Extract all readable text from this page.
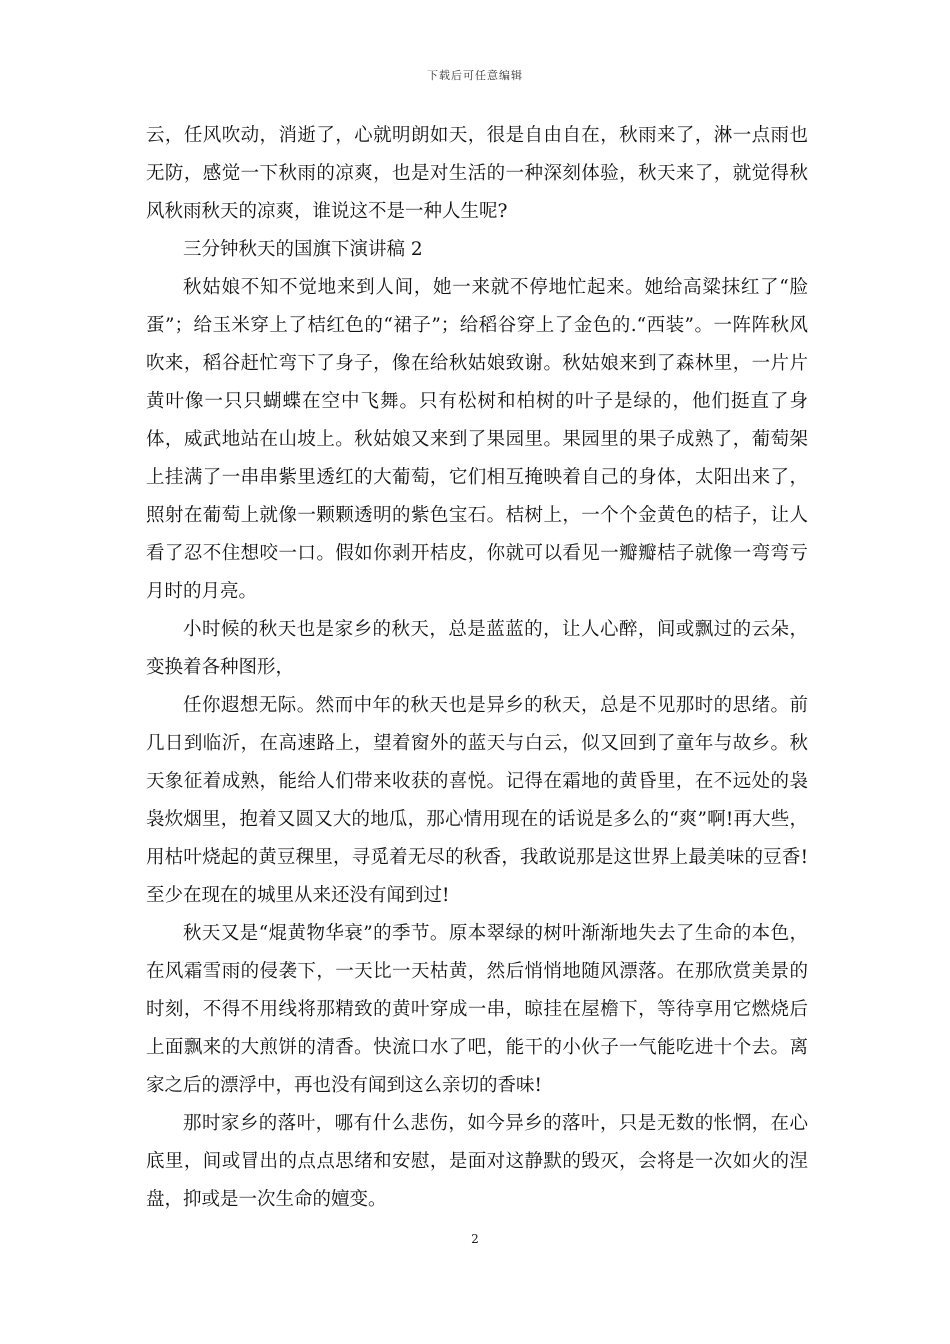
下载后可任意编辑

云，任风吹动，消逝了，心就明朗如天，很是自由自在，秋雨来了，淋一点雨也无防，感觉一下秋雨的凉爽，也是对生活的一种深刻体验，秋天来了，就觉得秋风秋雨秋天的凉爽，谁说这不是一种人生呢?

三分钟秋天的国旗下演讲稿 2

秋姑娘不知不觉地来到人间，她一来就不停地忙起来。她给高粱抹红了“脸蛋”；给玉米穿上了桔红色的“裙子”；给稻谷穿上了金色的.“西装”。一阵阵秋风吹来，稻谷赶忙弯下了身子，像在给秋姑娘致谢。秋姑娘来到了森林里，一片片黄叶像一只只蝴蝶在空中飞舞。只有松树和柏树的叶子是绿的，他们挺直了身体，威武地站在山坡上。秋姑娘又来到了果园里。果园里的果子成熟了，葡萄架上挂满了一串串紫里透红的大葡萄，它们相互掩映着自己的身体，太阳出来了，照射在葡萄上就像一颗颗透明的紫色宝石。桔树上，一个个金黄色的桔子，让人看了忍不住想咬一口。假如你剥开桔皮，你就可以看见一瓣瓣桔子就像一弯弯亏月时的月亮。

小时候的秋天也是家乡的秋天，总是蓝蓝的，让人心醉，间或飘过的云朵，变换着各种图形，

任你遐想无际。然而中年的秋天也是异乡的秋天，总是不见那时的思绪。前几日到临沂，在高速路上，望着窗外的蓝天与白云，似又回到了童年与故乡。秋天象征着成熟，能给人们带来收获的喜悦。记得在霜地的黄昏里，在不远处的袅袅炊烟里，抱着又圆又大的地瓜，那心情用现在的话说是多么的“爽”啊!再大些，用枯叶烧起的黄豆稞里，寻觅着无尽的秋香，我敢说那是这世界上最美味的豆香!至少在现在的城里从来还没有闻到过!

秋天又是“焜黄物华衰”的季节。原本翠绿的树叶渐渐地失去了生命的本色，在风霜雪雨的侵袭下，一天比一天枯黄，然后悄悄地随风漂落。在那欣赏美景的时刻，不得不用线将那精致的黄叶穿成一串，晾挂在屋檐下，等待享用它燃烧后上面飘来的大煎饼的清香。快流口水了吧，能干的小伙子一气能吃进十个去。离家之后的漂浮中，再也没有闻到这么亲切的香味!

那时家乡的落叶，哪有什么悲伤，如今异乡的落叶，只是无数的怅惘，在心底里，间或冒出的点点思绪和安慰，是面对这静默的毁灭，会将是一次如火的涅盘，抑或是一次生命的嬗变。

2
